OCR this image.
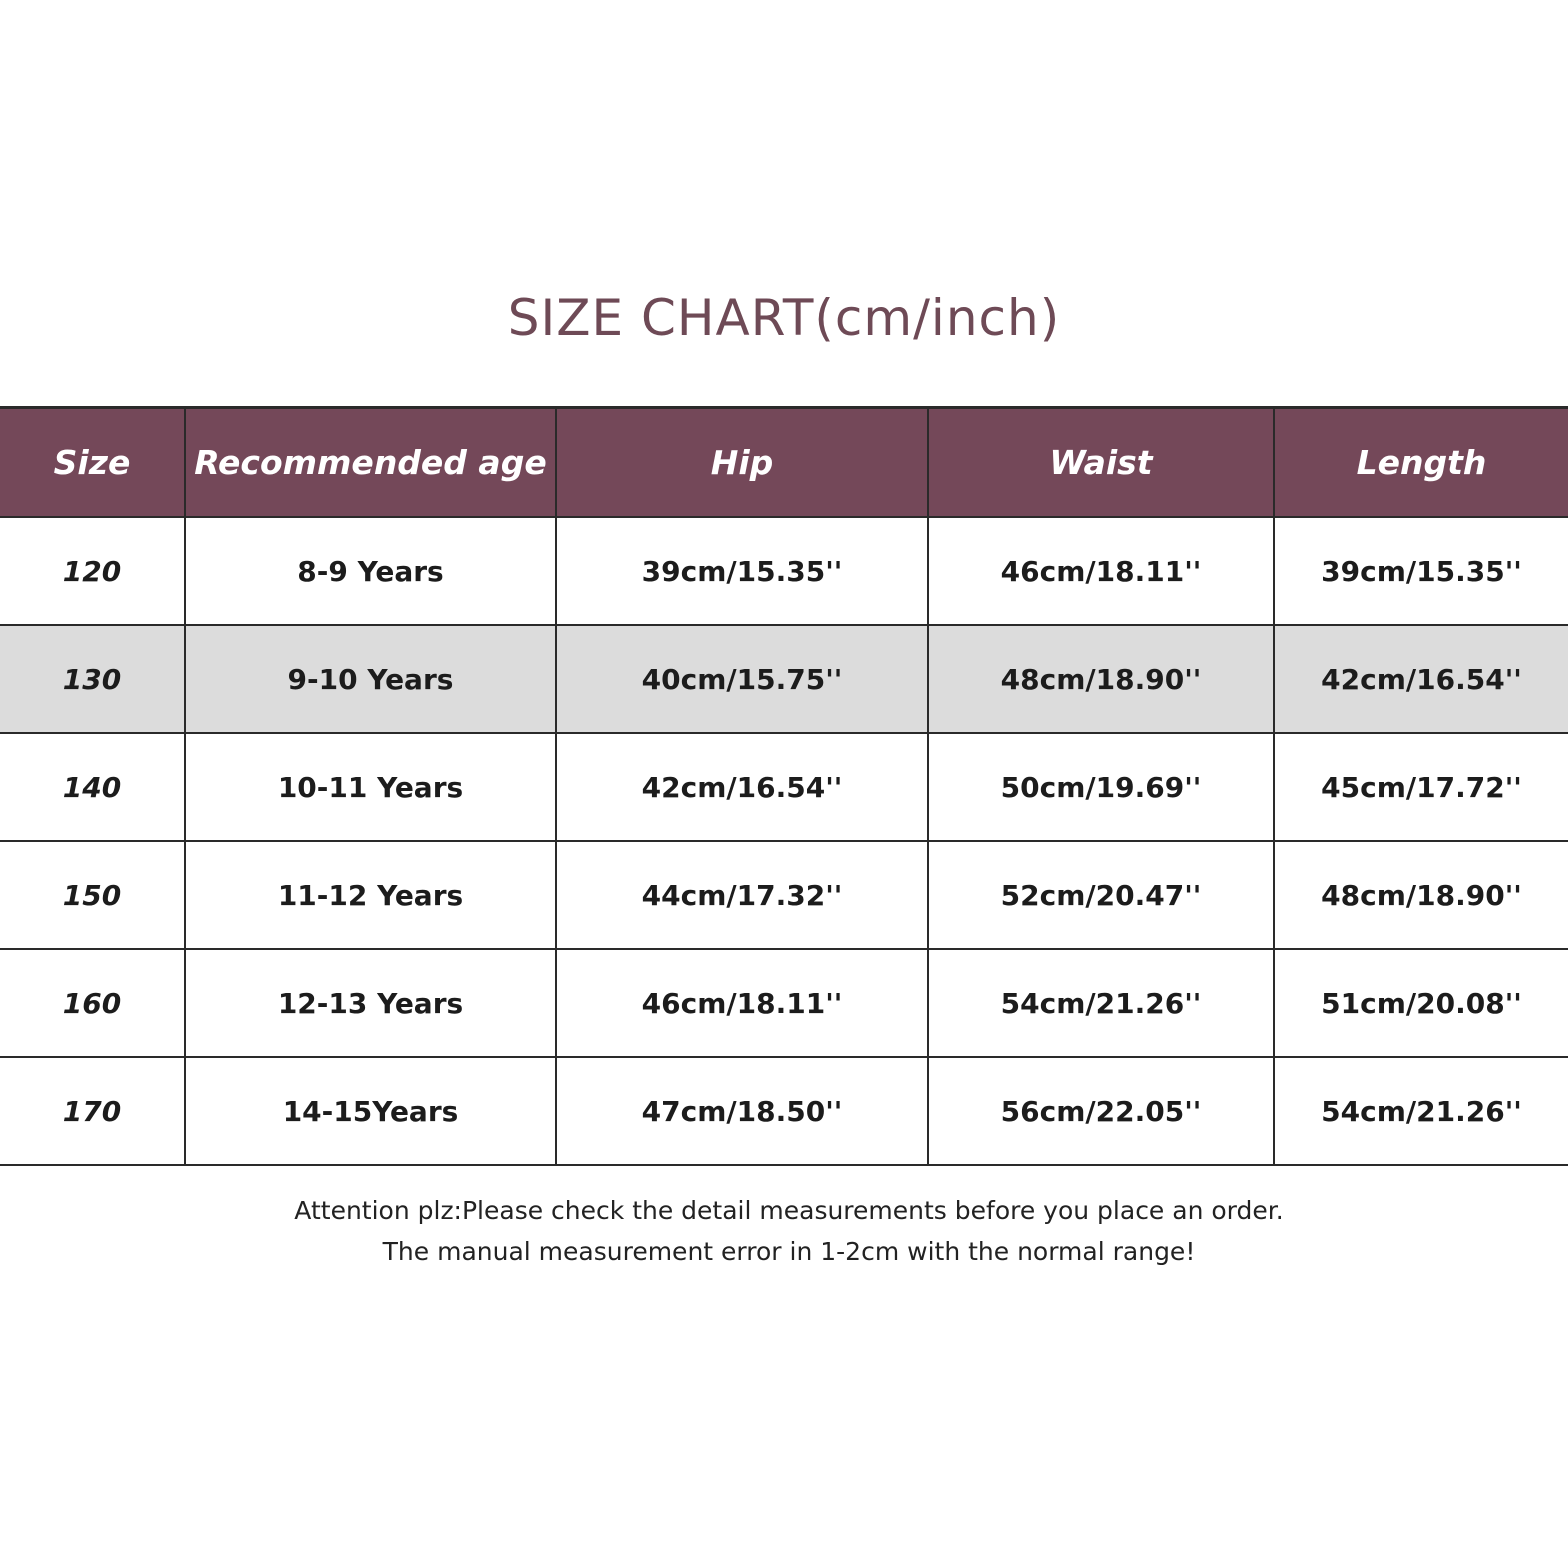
SIZE CHART(cm/inch)
Size	Recommended age	Hip	Waist	Length
120	8-9 Years	39cm/15.35''	46cm/18.11''	39cm/15.35''
130	9-10 Years	40cm/15.75''	48cm/18.90''	42cm/16.54''
140	10-11 Years	42cm/16.54''	50cm/19.69''	45cm/17.72''
150	11-12 Years	44cm/17.32''	52cm/20.47''	48cm/18.90''
160	12-13 Years	46cm/18.11''	54cm/21.26''	51cm/20.08''
170	14-15Years	47cm/18.50''	56cm/22.05''	54cm/21.26''
Attention plz:Please check the detail measurements before you place an order.
The manual measurement error in 1-2cm with the normal range!
